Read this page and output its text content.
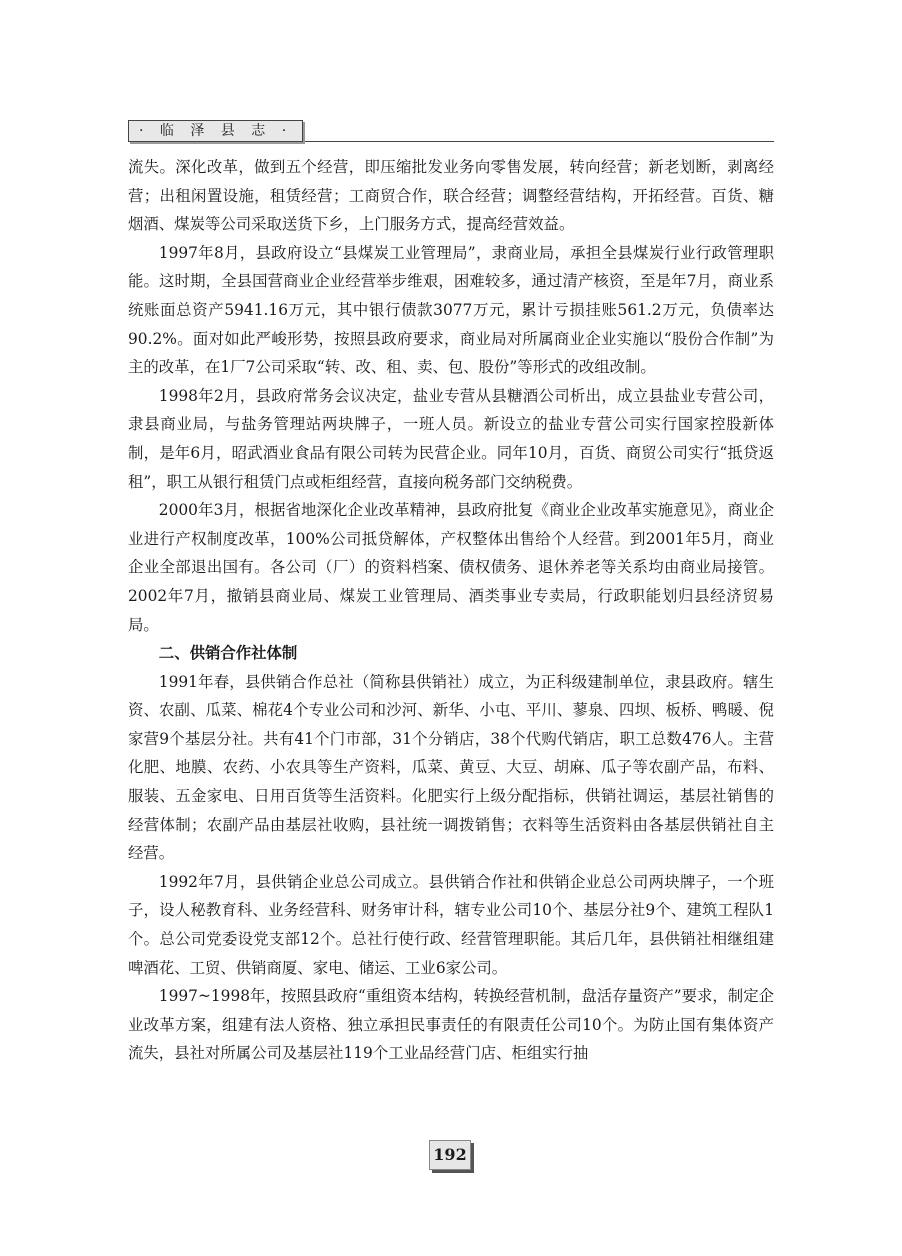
· 临 泽 县 志 ·

流失。深化改革，做到五个经营，即压缩批发业务向零售发展，转向经营；新老划断，剥离经营；出租闲置设施，租赁经营；工商贸合作，联合经营；调整经营结构，开拓经营。百货、糖烟酒、煤炭等公司采取送货下乡，上门服务方式，提高经营效益。

1997年8月，县政府设立“县煤炭工业管理局”，隶商业局，承担全县煤炭行业行政管理职能。这时期，全县国营商业企业经营举步维艰，困难较多，通过清产核资，至是年7月，商业系统账面总资产5941.16万元，其中银行债款3077万元，累计亏损挂账561.2万元，负债率达90.2%。面对如此严峻形势，按照县政府要求，商业局对所属商业企业实施以“股份合作制”为主的改革，在1厂7公司采取“转、改、租、卖、包、股份”等形式的改组改制。

1998年2月，县政府常务会议决定，盐业专营从县糖酒公司析出，成立县盐业专营公司，隶县商业局，与盐务管理站两块牌子，一班人员。新设立的盐业专营公司实行国家控股新体制，是年6月，昭武酒业食品有限公司转为民营企业。同年10月，百货、商贸公司实行“抵贷返租”，职工从银行租赁门点或柜组经营，直接向税务部门交纳税费。

2000年3月，根据省地深化企业改革精神，县政府批复《商业企业改革实施意见》，商业企业进行产权制度改革，100%公司抵贷解体，产权整体出售给个人经营。到2001年5月，商业企业全部退出国有。各公司（厂）的资料档案、债权债务、退休养老等关系均由商业局接管。2002年7月，撤销县商业局、煤炭工业管理局、酒类事业专卖局，行政职能划归县经济贸易局。

二、供销合作社体制

1991年春，县供销合作总社（简称县供销社）成立，为正科级建制单位，隶县政府。辖生资、农副、瓜菜、棉花4个专业公司和沙河、新华、小屯、平川、蓼泉、四坝、板桥、鸭暖、倪家营9个基层分社。共有41个门市部，31个分销店，38个代购代销店，职工总数476人。主营化肥、地膜、农药、小农具等生产资料，瓜菜、黄豆、大豆、胡麻、瓜子等农副产品，布料、服装、五金家电、日用百货等生活资料。化肥实行上级分配指标，供销社调运，基层社销售的经营体制；农副产品由基层社收购，县社统一调拨销售；衣料等生活资料由各基层供销社自主经营。

1992年7月，县供销企业总公司成立。县供销合作社和供销企业总公司两块牌子，一个班子，设人秘教育科、业务经营科、财务审计科，辖专业公司10个、基层分社9个、建筑工程队1个。总公司党委设党支部12个。总社行使行政、经营管理职能。其后几年，县供销社相继组建啤酒花、工贸、供销商厦、家电、储运、工业6家公司。

1997~1998年，按照县政府“重组资本结构，转换经营机制，盘活存量资产”要求，制定企业改革方案，组建有法人资格、独立承担民事责任的有限责任公司10个。为防止国有集体资产流失，县社对所属公司及基层社119个工业品经营门店、柜组实行抽

192
